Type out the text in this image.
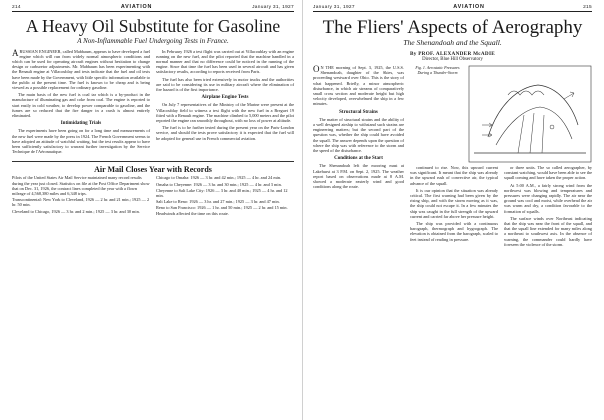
214	AVIATION	January 31, 1927
A Heavy Oil Substitute for Gasoline

A Non-Inflammable Fuel Undergoing Tests in France.

ARUSSIAN ENGINEER, called Mabbaum, appears to have developed a fuel engine which will run from widely normal atmospheric conditions and which can be used for operating aircraft engines without hesitation to change design or carburetor adjustments. Mr. Mabbaum has been experimenting with the Renault engine at Villacoublay and tests indicate that the fuel and oil tests have been made by the Government, with little specific information available to the public at the present time. The fuel is known to be cheap and is being viewed as a possible replacement for ordinary gasoline.

The main basis of the new fuel is coal tar which is a by-product in the manufacture of illuminating gas and coke from coal. The engine is reported to start easily in cold weather, to develop power comparable to gasoline, and the fumes are so reduced that the fire danger in a crash is almost entirely eliminated.

Intimidating Trials

The experiments have been going on for a long time and measurements of the new fuel were made by the press in 1924. The French Government seems to have adopted an attitude of watchful waiting, but the test results appear to have been sufficiently satisfactory to warrant further investigation by the Service Technique de l'Aéronautique.

In February 1926 a test flight was carried out at Villacoublay with an engine running on the new fuel, and the pilot reported that the machine handled in a normal manner and that no difference could be noticed in the running of the engine. Since that time the fuel has been used in several aircraft and has given satisfactory results, according to reports received from Paris.

The fuel has also been tried extensively in motor trucks and the authorities are said to be considering its use in military aircraft where the elimination of fire hazard is of the first importance.

Airplane Engine Tests

On July 7 representatives of the Ministry of the Marine were present at the Villacoublay field to witness a test flight with the new fuel in a Breguet 19 fitted with a Renault engine. The machine climbed to 5,000 meters and the pilot reported the engine ran smoothly throughout, with no loss of power at altitude.

The fuel is to be further tested during the present year on the Paris-London service, and should the tests prove satisfactory it is expected that the fuel will be adopted for general use in French commercial aviation.

Air Mail Closes Year with Records

Pilots of the United States Air Mail Service maintained many record results during the year just closed. Statistics on file at the Post Office Department show that on Dec. 31, 1926, the contract lines completed the year with a flown mileage of 4,568,380 miles and 6,348 trips.

Transcontinental: New York to Cleveland, 1926 — 2 hr. and 21 min.; 1925 — 2 hr. 50 min.

Cleveland to Chicago, 1926 — 3 hr. and 2 min.; 1925 — 3 hr. and 30 min.

Chicago to Omaha: 1926 — 3 hr. and 42 min.; 1925 — 4 hr. and 24 min.

Omaha to Cheyenne: 1926 — 3 hr. and 30 min.; 1925 — 4 hr. and 3 min.

Cheyenne to Salt Lake City: 1926 — 3 hr. and 40 min.; 1925 — 4 hr. and 12 min.

Salt Lake to Reno: 1926 — 3 hr. and 27 min.; 1925 — 3 hr. and 47 min.

Reno to San Francisco: 1926 — 1 hr. and 50 min.; 1925 — 2 hr. and 15 min. Headwinds affected the time on this route.

January 31, 1927	AVIATION	215
The Fliers' Aspects of Aerography

The Shenandoah and the Squall.

By PROF. ALEXANDER McADIE

Director, Blue Hill Observatory

ON THE morning of Sept. 3, 1925, the U.S.S. Shenandoah, daughter of the Skies, was proceeding westward over Ohio. This is the story of what happened. Briefly, a minor atmospheric disturbance, in which air streams of comparatively small cross section and moderate height but high velocity developed, overwhelmed the ship in a few minutes.

Structural Strains

The matter of structural strains and the ability of a well designed airship to withstand such strains are engineering matters; but the second part of the question was, whether the ship could have avoided the squall. The answer depends upon the question of where the ship was with reference to the storm and the speed of the disturbance.

Conditions at the Start

The Shenandoah left the mooring mast at Lakehurst at 3 P.M. on Sept. 2, 1925. The weather report based on observations made at 8 A.M. showed a moderate easterly wind and good conditions along the route.

Fig. 1. Aerostatic Pressures During a Thunder-Storm

continued to rise. Now, this upward current was significant. It meant that the ship was already in the upward rush of convective air, the typical advance of the squall.

It is our opinion that the situation was already critical. The first warning had been given by the rising ship, and with the storm moving as it was, the ship could not escape it. In a few minutes the ship was caught in the full strength of the upward current and carried far above her pressure height.

The ship was provided with a continuous barograph, thermograph and hygrograph. The elevation is obtained from the barograph, scaled to feet instead of reading in pressure.

or three units. The so called aerographer, by constant watching, would have been able to see the squall coming and have taken the proper action.

At 5:00 A.M., a fairly strong wind from the northwest was blowing and temperatures and pressures were changing rapidly. The air near the ground was cool and moist, while overhead the air was warm and dry, a condition favorable to the formation of squalls.

The surface winds over Northeast indicating that the ship was near the front of the squall, and that the squall line extended for many miles along a northeast to southwest axis. In the absence of warning, the commander could hardly have foreseen the violence of the storm.
